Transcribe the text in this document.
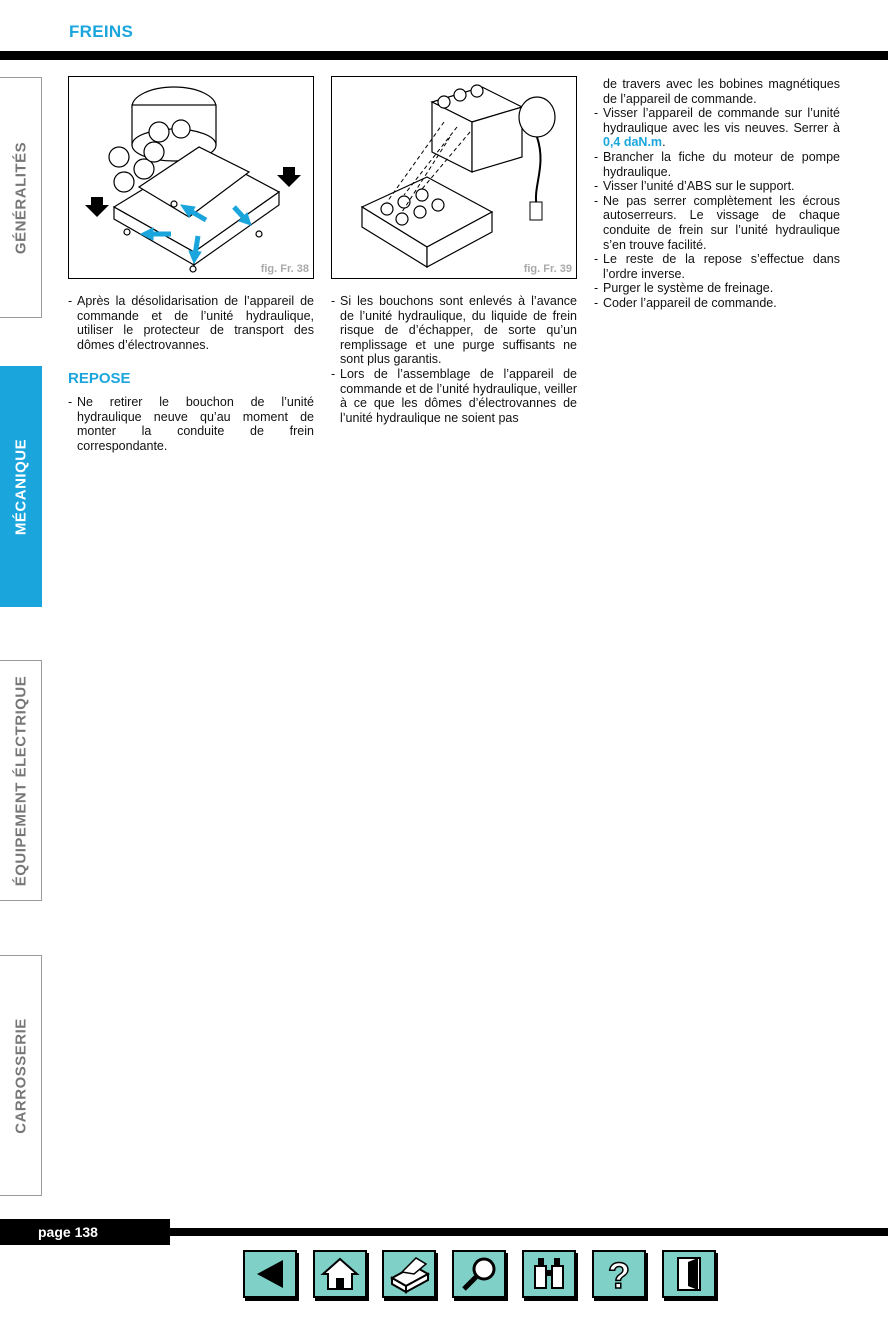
FREINS
GÉNÉRALITÉS
MÉCANIQUE
ÉQUIPEMENT ÉLECTRIQUE
CARROSSERIE
fig. Fr. 38	fig. Fr. 39

- Après la désolidarisation de l’appareil de commande et de l’unité hydraulique, utiliser le protecteur de transport des dômes d’électrovannes.

REPOSE

- Ne retirer le bouchon de l’unité hydraulique neuve qu’au moment de monter la conduite de frein correspondante.

- Si les bouchons sont enlevés à l’avance de l’unité hydraulique, du liquide de frein risque de d’échapper, de sorte qu’un remplissage et une purge suffisants ne sont plus garantis.

- Lors de l’assemblage de l’appareil de commande et de l’unité hydraulique, veiller à ce que les dômes d’électrovannes de l’unité hydraulique ne soient pas

de travers avec les bobines magnétiques de l’appareil de commande.

- Visser l’appareil de commande sur l’unité hydraulique avec les vis neuves. Serrer à 0,4 daN.m.

- Brancher la fiche du moteur de pompe hydraulique.

- Visser l’unité d’ABS sur le support.

- Ne pas serrer complètement les écrous autoserreurs. Le vissage de chaque conduite de frein sur l’unité hydraulique s’en trouve facilité.

- Le reste de la repose s’effectue dans l’ordre inverse.

- Purger le système de freinage.

- Coder l’appareil de commande.

page 138
?
